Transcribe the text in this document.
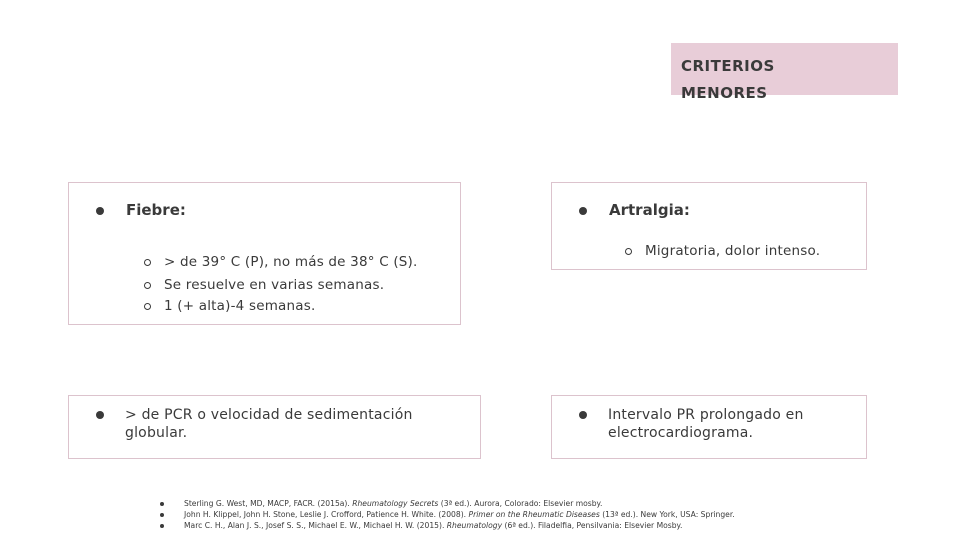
CRITERIOS
MENORES
Fiebre:
> de 39° C (P), no más de 38° C (S).
Se resuelve en varias semanas.
1 (+ alta)-4 semanas.
Artralgia:
Migratoria, dolor intenso.
> de PCR o velocidad de sedimentación
globular.
Intervalo PR prolongado en
electrocardiograma.
Sterling G. West, MD, MACP, FACR. (2015a). Rheumatology Secrets (3ª ed.). Aurora, Colorado: Elsevier mosby.
John H. Klippel, John H. Stone, Leslie J. Crofford, Patience H. White. (2008). Primer on the Rheumatic Diseases (13ª ed.). New York, USA: Springer.
Marc C. H., Alan J. S., Josef S. S., Michael E. W., Michael H. W. (2015). Rheumatology (6ª ed.). Filadelfia, Pensilvania: Elsevier Mosby.
